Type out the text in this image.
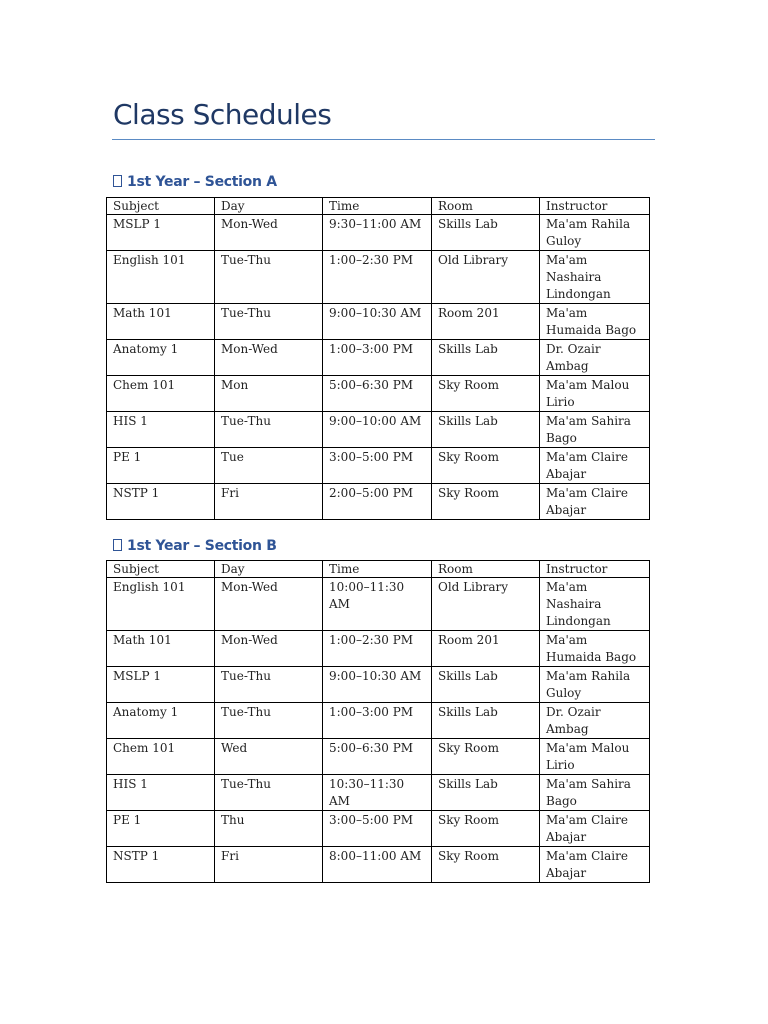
Class Schedules
1st Year – Section A
Subject	Day	Time	Room	Instructor
MSLP 1	Mon-Wed	9:30–11:00 AM	Skills Lab	Ma'am Rahila Guloy
English 101	Tue-Thu	1:00–2:30 PM	Old Library	Ma'am Nashaira Lindongan
Math 101	Tue-Thu	9:00–10:30 AM	Room 201	Ma'am Humaida Bago
Anatomy 1	Mon-Wed	1:00–3:00 PM	Skills Lab	Dr. Ozair Ambag
Chem 101	Mon	5:00–6:30 PM	Sky Room	Ma'am Malou Lirio
HIS 1	Tue-Thu	9:00–10:00 AM	Skills Lab	Ma'am Sahira Bago
PE 1	Tue	3:00–5:00 PM	Sky Room	Ma'am Claire Abajar
NSTP 1	Fri	2:00–5:00 PM	Sky Room	Ma'am Claire Abajar
1st Year – Section B
Subject	Day	Time	Room	Instructor
English 101	Mon-Wed	10:00–11:30 AM	Old Library	Ma'am Nashaira Lindongan
Math 101	Mon-Wed	1:00–2:30 PM	Room 201	Ma'am Humaida Bago
MSLP 1	Tue-Thu	9:00–10:30 AM	Skills Lab	Ma'am Rahila Guloy
Anatomy 1	Tue-Thu	1:00–3:00 PM	Skills Lab	Dr. Ozair Ambag
Chem 101	Wed	5:00–6:30 PM	Sky Room	Ma'am Malou Lirio
HIS 1	Tue-Thu	10:30–11:30 AM	Skills Lab	Ma'am Sahira Bago
PE 1	Thu	3:00–5:00 PM	Sky Room	Ma'am Claire Abajar
NSTP 1	Fri	8:00–11:00 AM	Sky Room	Ma'am Claire Abajar
